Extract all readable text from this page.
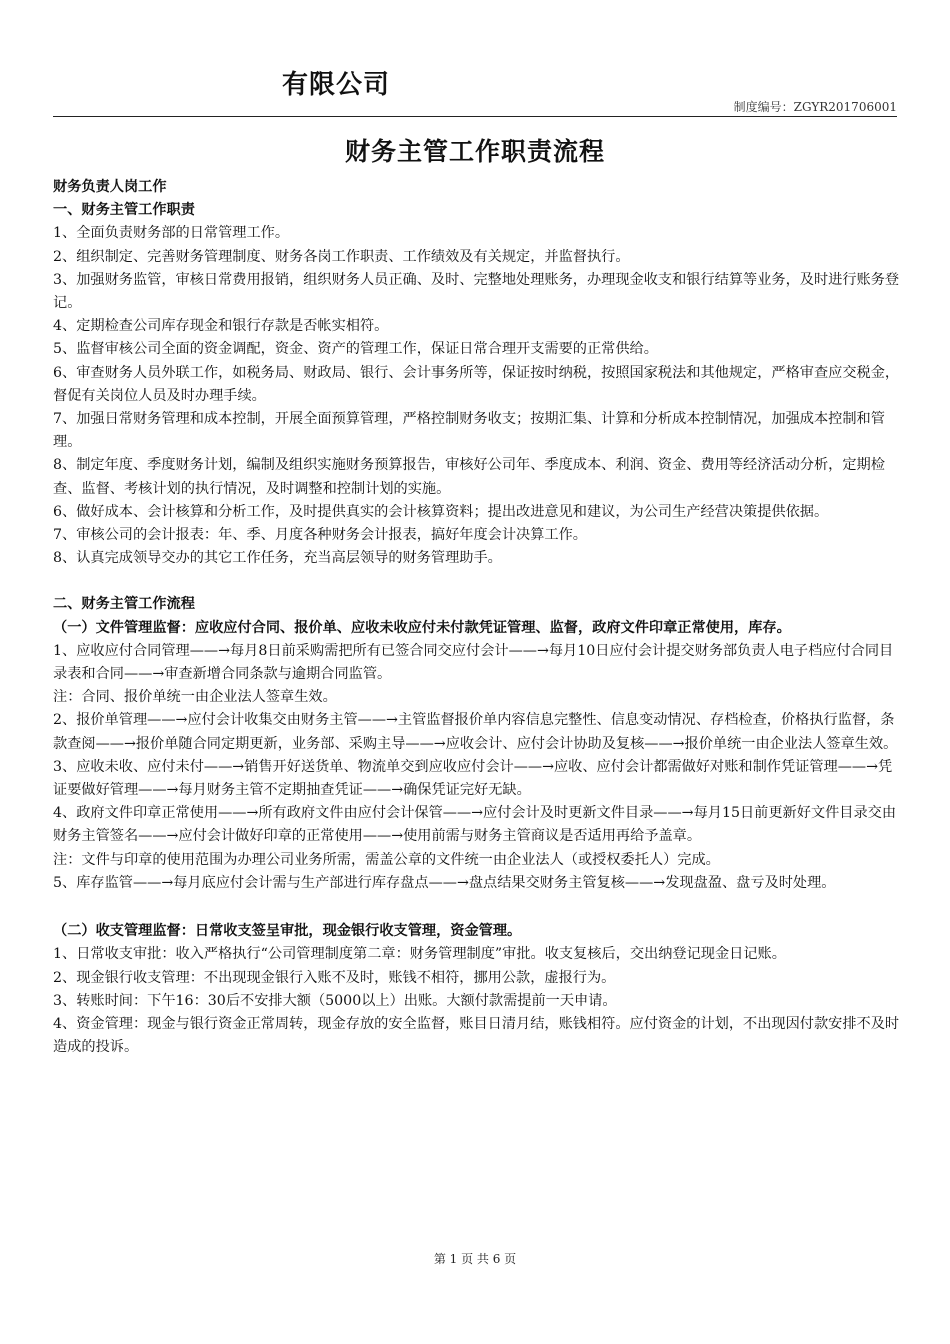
有限公司
制度编号：ZGYR201706001
财务主管工作职责流程

财务负责人岗工作

一、财务主管工作职责

1、全面负责财务部的日常管理工作。

2、组织制定、完善财务管理制度、财务各岗工作职责、工作绩效及有关规定，并监督执行。

3、加强财务监管，审核日常费用报销，组织财务人员正确、及时、完整地处理账务，办理现金收支和银行结算等业务，及时进行账务登记。

4、定期检查公司库存现金和银行存款是否帐实相符。

5、监督审核公司全面的资金调配，资金、资产的管理工作，保证日常合理开支需要的正常供给。

6、审查财务人员外联工作，如税务局、财政局、银行、会计事务所等，保证按时纳税，按照国家税法和其他规定，严格审查应交税金，督促有关岗位人员及时办理手续。

7、加强日常财务管理和成本控制，开展全面预算管理，严格控制财务收支；按期汇集、计算和分析成本控制情况，加强成本控制和管理。

8、制定年度、季度财务计划，编制及组织实施财务预算报告，审核好公司年、季度成本、利润、资金、费用等经济活动分析，定期检查、监督、考核计划的执行情况，及时调整和控制计划的实施。

6、做好成本、会计核算和分析工作，及时提供真实的会计核算资料；提出改进意见和建议，为公司生产经营决策提供依据。

7、审核公司的会计报表：年、季、月度各种财务会计报表，搞好年度会计决算工作。

8、认真完成领导交办的其它工作任务，充当高层领导的财务管理助手。

二、财务主管工作流程

（一）文件管理监督：应收应付合同、报价单、应收未收应付未付款凭证管理、监督，政府文件印章正常使用，库存。

1、应收应付合同管理——→每月8日前采购需把所有已签合同交应付会计——→每月10日应付会计提交财务部负责人电子档应付合同目录表和合同——→审查新增合同条款与逾期合同监管。

注：合同、报价单统一由企业法人签章生效。

2、报价单管理——→应付会计收集交由财务主管——→主管监督报价单内容信息完整性、信息变动情况、存档检查，价格执行监督，条款查阅——→报价单随合同定期更新，业务部、采购主导——→应收会计、应付会计协助及复核——→报价单统一由企业法人签章生效。

3、应收未收、应付未付——→销售开好送货单、物流单交到应收应付会计——→应收、应付会计都需做好对账和制作凭证管理——→凭证要做好管理——→每月财务主管不定期抽查凭证——→确保凭证完好无缺。

4、政府文件印章正常使用——→所有政府文件由应付会计保管——→应付会计及时更新文件目录——→每月15日前更新好文件目录交由财务主管签名——→应付会计做好印章的正常使用——→使用前需与财务主管商议是否适用再给予盖章。

注：文件与印章的使用范围为办理公司业务所需，需盖公章的文件统一由企业法人（或授权委托人）完成。

5、库存监管——→每月底应付会计需与生产部进行库存盘点——→盘点结果交财务主管复核——→发现盘盈、盘亏及时处理。

（二）收支管理监督：日常收支签呈审批，现金银行收支管理，资金管理。

1、日常收支审批：收入严格执行“公司管理制度第二章：财务管理制度”审批。收支复核后，交出纳登记现金日记账。

2、现金银行收支管理：不出现现金银行入账不及时，账钱不相符，挪用公款，虚报行为。

3、转账时间：下午16：30后不安排大额（5000以上）出账。大额付款需提前一天申请。

4、资金管理：现金与银行资金正常周转，现金存放的安全监督，账目日清月结，账钱相符。应付资金的计划，不出现因付款安排不及时造成的投诉。

第 1 页 共 6 页
